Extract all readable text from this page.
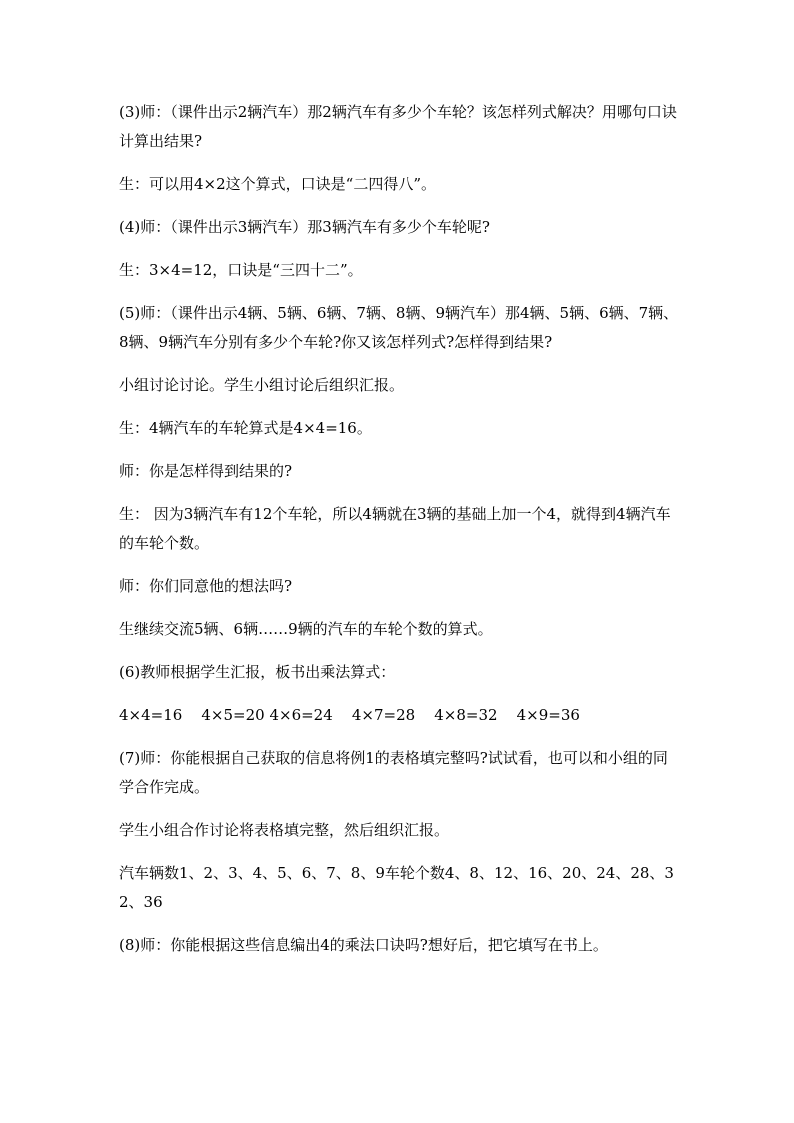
(3)师：（课件出示2辆汽车）那2辆汽车有多少个车轮？该怎样列式解决？用哪句口诀计算出结果?

生：可以用4×2这个算式，口诀是“二四得八”。

(4)师：（课件出示3辆汽车）那3辆汽车有多少个车轮呢?

生：3×4=12，口诀是“三四十二”。

(5)师：（课件出示4辆、5辆、6辆、7辆、8辆、9辆汽车）那4辆、5辆、6辆、7辆、8辆、9辆汽车分别有多少个车轮?你又该怎样列式?怎样得到结果?

小组讨论讨论。学生小组讨论后组织汇报。

生：4辆汽车的车轮算式是4×4=16。

师：你是怎样得到结果的?

生： 因为3辆汽车有12个车轮，所以4辆就在3辆的基础上加一个4，就得到4辆汽车的车轮个数。

师：你们同意他的想法吗?

生继续交流5辆、6辆……9辆的汽车的车轮个数的算式。

(6)教师根据学生汇报，板书出乘法算式：

4×4=16    4×5=20 4×6=24    4×7=28    4×8=32    4×9=36

(7)师：你能根据自己获取的信息将例1的表格填完整吗?试试看，也可以和小组的同学合作完成。

学生小组合作讨论将表格填完整，然后组织汇报。

汽车辆数1、2、3、4、5、6、7、8、9车轮个数4、8、12、16、20、24、28、32、36

(8)师：你能根据这些信息编出4的乘法口诀吗?想好后，把它填写在书上。
